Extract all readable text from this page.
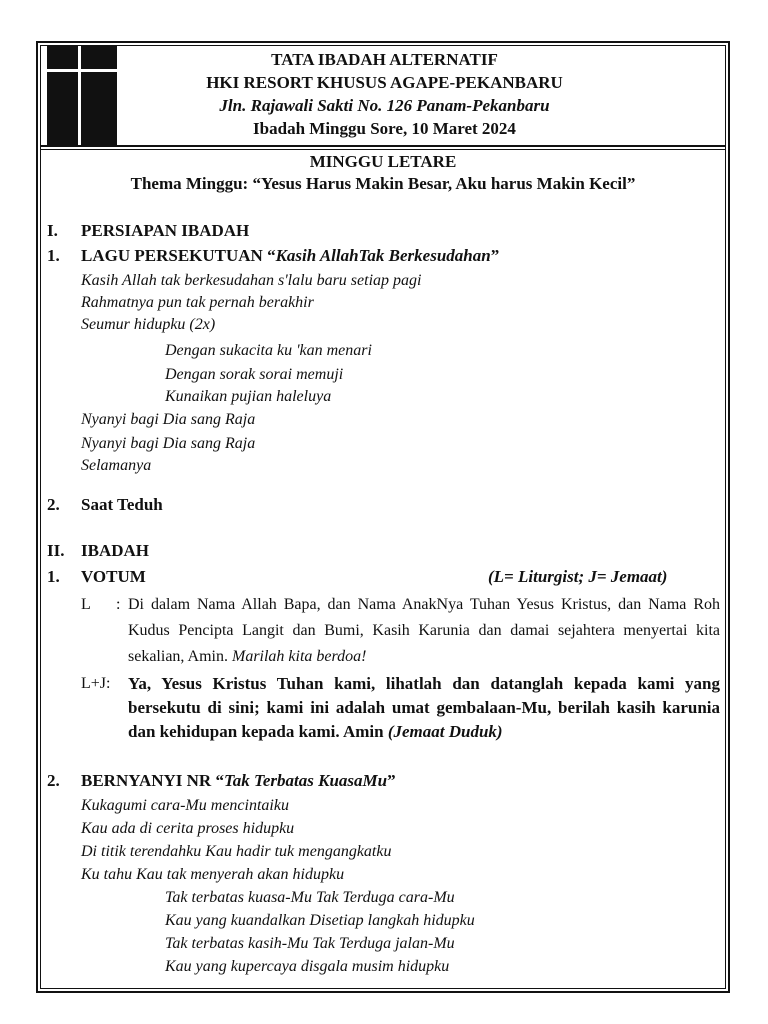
TATA IBADAH ALTERNATIF
HKI RESORT KHUSUS AGAPE-PEKANBARU
Jln. Rajawali Sakti No. 126 Panam-Pekanbaru
Ibadah Minggu Sore, 10 Maret 2024
MINGGU LETARE
Thema Minggu: “Yesus Harus Makin Besar, Aku harus Makin Kecil”
I. PERSIAPAN IBADAH
1. LAGU PERSEKUTUAN “Kasih AllahTak Berkesudahan”
Kasih Allah tak berkesudahan s'lalu baru setiap pagi
Rahmatnya pun tak pernah berakhir
Seumur hidupku (2x)
Dengan sukacita ku 'kan menari
Dengan sorak sorai memuji
Kunaikan pujian haleluya
Nyanyi bagi Dia sang Raja
Nyanyi bagi Dia sang Raja
Selamanya
2. Saat Teduh
II. IBADAH
1. VOTUM	(L= Liturgist; J= Jemaat)
L : Di dalam Nama Allah Bapa, dan Nama AnakNya Tuhan Yesus Kristus, dan Nama Roh Kudus Pencipta Langit dan Bumi, Kasih Karunia dan damai sejahtera menyertai kita sekalian, Amin. Marilah kita berdoa!
L+J: Ya, Yesus Kristus Tuhan kami, lihatlah dan datanglah kepada kami yang bersekutu di sini; kami ini adalah umat gembalaan-Mu, berilah kasih karunia dan kehidupan kepada kami. Amin (Jemaat Duduk)
2. BERNYANYI NR “Tak Terbatas KuasaMu”
Kukagumi cara-Mu mencintaiku
Kau ada di cerita proses hidupku
Di titik terendahku Kau hadir tuk mengangkatku
Ku tahu Kau tak menyerah akan hidupku
Tak terbatas kuasa-Mu Tak Terduga cara-Mu
Kau yang kuandalkan Disetiap langkah hidupku
Tak terbatas kasih-Mu Tak Terduga jalan-Mu
Kau yang kupercaya disgala musim hidupku
